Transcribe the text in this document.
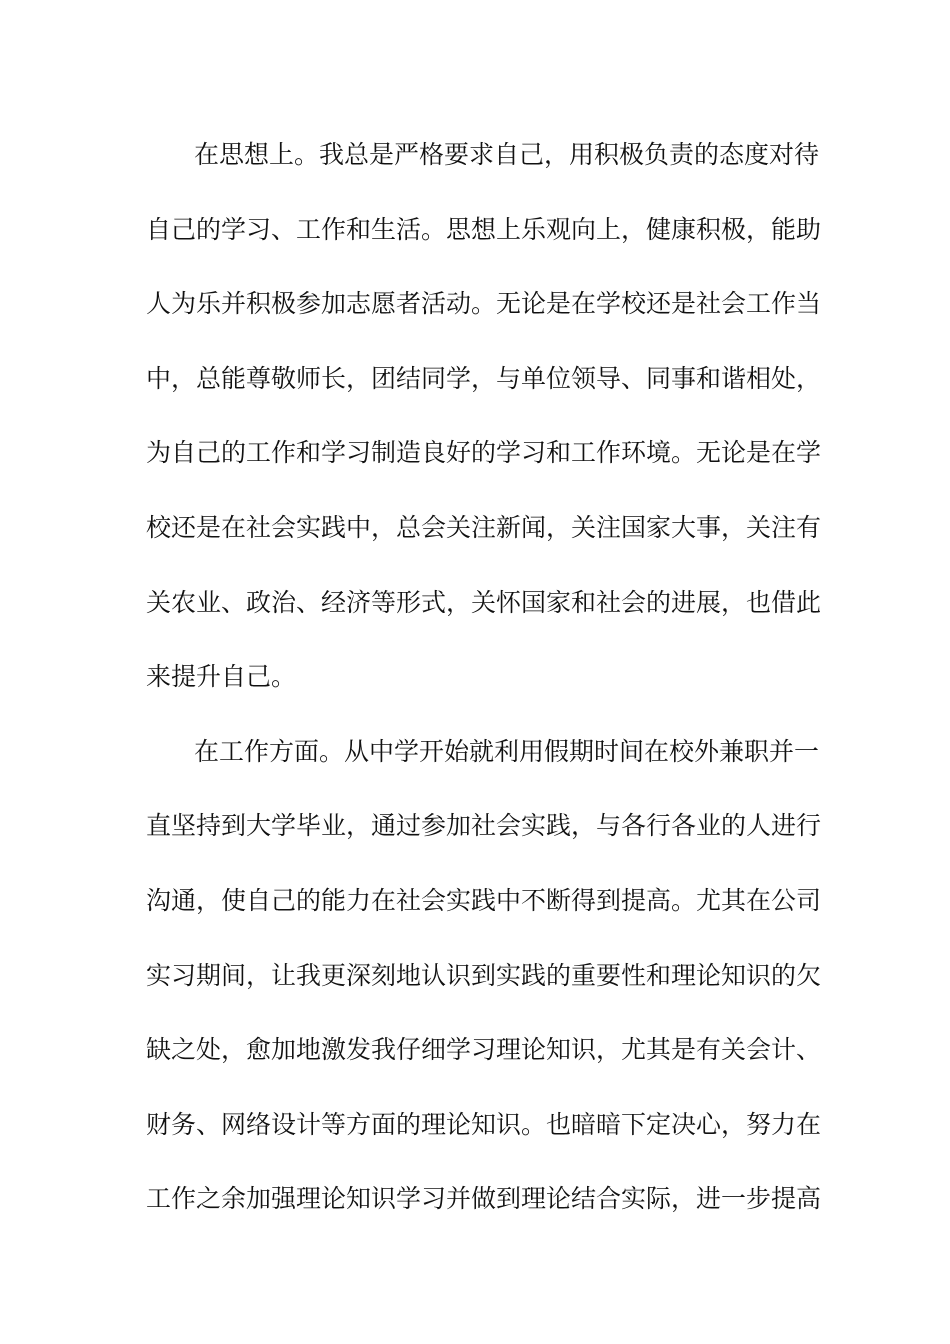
在思想上。我总是严格要求自己，用积极负责的态度对待
自己的学习、工作和生活。思想上乐观向上，健康积极，能助
人为乐并积极参加志愿者活动。无论是在学校还是社会工作当
中，总能尊敬师长，团结同学，与单位领导、同事和谐相处，
为自己的工作和学习制造良好的学习和工作环境。无论是在学
校还是在社会实践中，总会关注新闻，关注国家大事，关注有
关农业、政治、经济等形式，关怀国家和社会的进展，也借此
来提升自己。
在工作方面。从中学开始就利用假期时间在校外兼职并一
直坚持到大学毕业，通过参加社会实践，与各行各业的人进行
沟通，使自己的能力在社会实践中不断得到提高。尤其在公司
实习期间，让我更深刻地认识到实践的重要性和理论知识的欠
缺之处，愈加地激发我仔细学习理论知识，尤其是有关会计、
财务、网络设计等方面的理论知识。也暗暗下定决心，努力在
工作之余加强理论知识学习并做到理论结合实际，进一步提高
